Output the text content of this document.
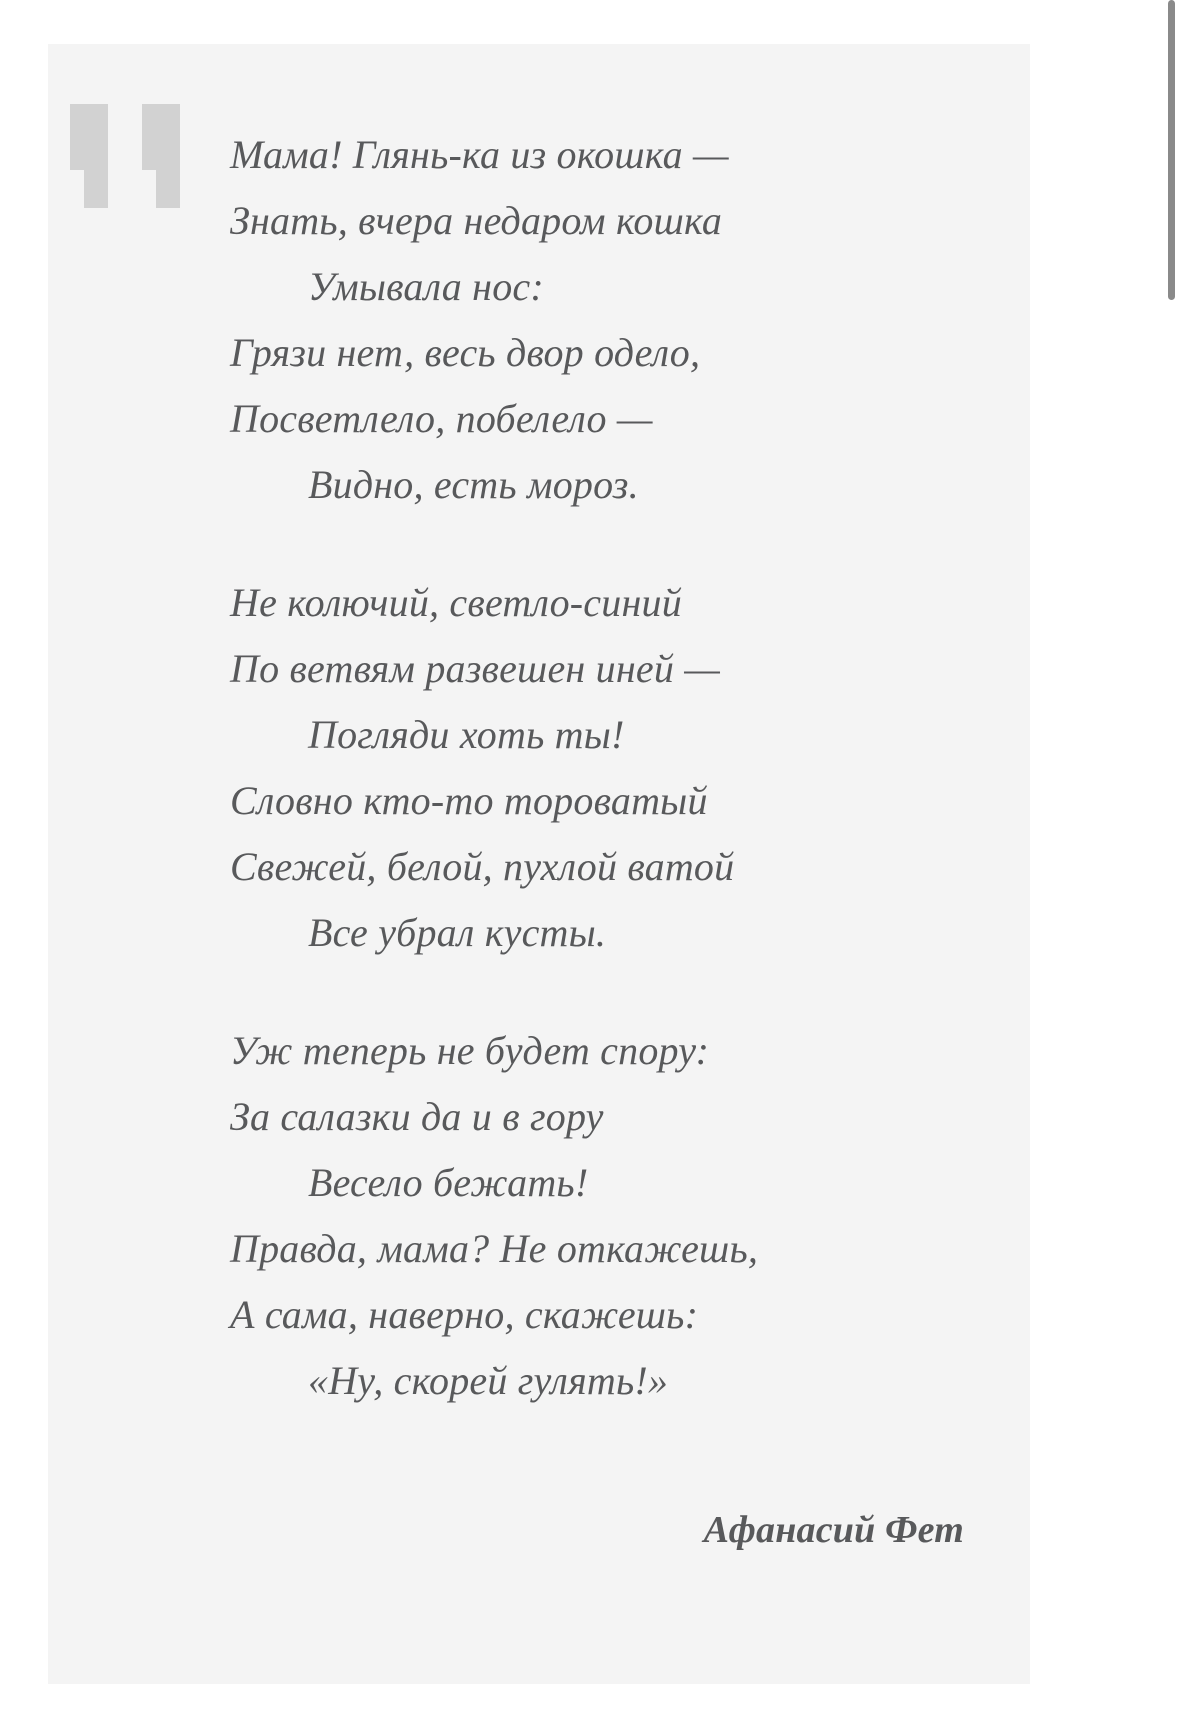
Мама! Глянь-ка из окошка —
Знать, вчера недаром кошка
Умывала нос:
Грязи нет, весь двор одело,
Посветлело, побелело —
Видно, есть мороз.
Не колючий, светло-синий
По ветвям развешен иней —
Погляди хоть ты!
Словно кто-то тороватый
Свежей, белой, пухлой ватой
Все убрал кусты.
Уж теперь не будет спору:
За салазки да и в гору
Весело бежать!
Правда, мама? Не откажешь,
А сама, наверно, скажешь:
«Ну, скорей гулять!»
Афанасий Фет
